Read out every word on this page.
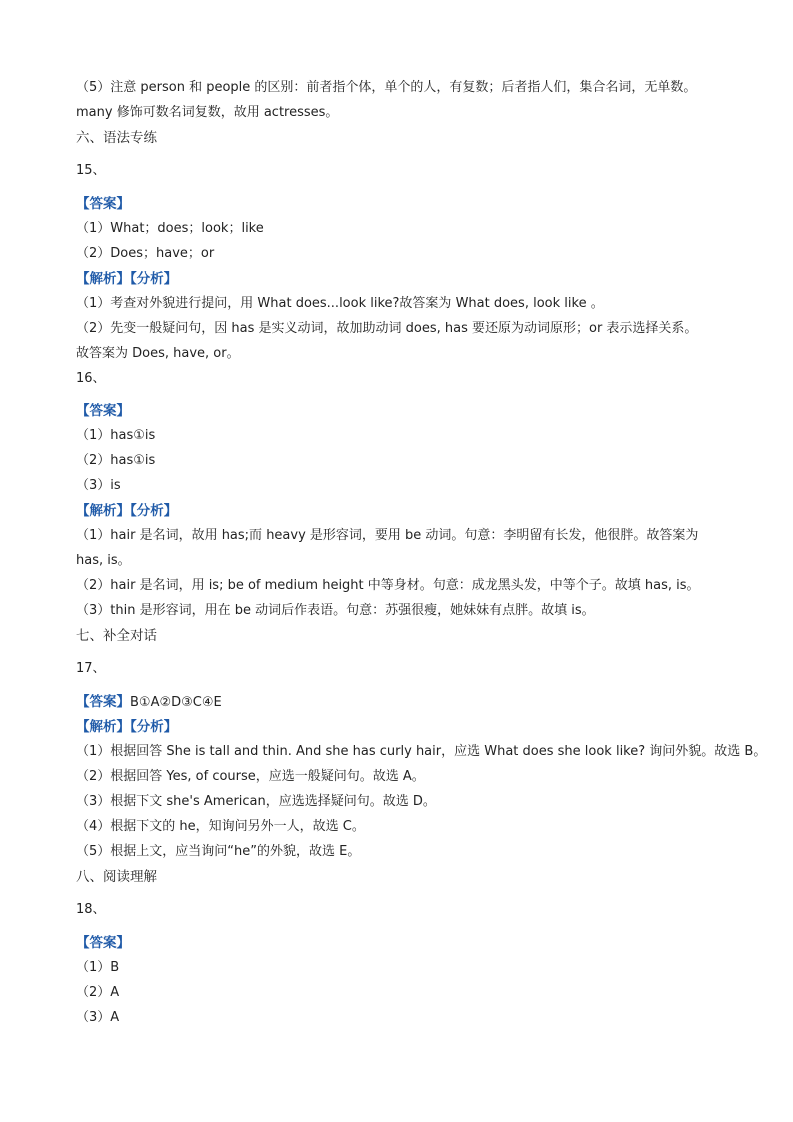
（5）注意 person 和 people 的区别：前者指个体，单个的人，有复数；后者指人们，集合名词，无单数。
many 修饰可数名词复数，故用 actresses。
六、语法专练
15、
【答案】
（1）What；does；look；like
（2）Does；have；or
【解析】【分析】
（1）考查对外貌进行提问，用 What does...look like?故答案为 What does, look like 。
（2）先变一般疑问句，因 has 是实义动词，故加助动词 does, has 要还原为动词原形；or 表示选择关系。
故答案为 Does, have, or。
16、
【答案】
（1）has①is
（2）has①is
（3）is
【解析】【分析】
（1）hair 是名词，故用 has;而 heavy 是形容词，要用 be 动词。句意：李明留有长发，他很胖。故答案为
has, is。
（2）hair 是名词，用 is; be of medium height 中等身材。句意：成龙黑头发，中等个子。故填 has, is。
（3）thin 是形容词，用在 be 动词后作表语。句意：苏强很瘦，她妹妹有点胖。故填 is。
七、补全对话
17、
【答案】B①A②D③C④E
【解析】【分析】
（1）根据回答 She is tall and thin. And she has curly hair，应选 What does she look like? 询问外貌。故选 B。
（2）根据回答 Yes, of course，应选一般疑问句。故选 A。
（3）根据下文 she's American，应选选择疑问句。故选 D。
（4）根据下文的 he，知询问另外一人，故选 C。
（5）根据上文，应当询问“he”的外貌，故选 E。
八、阅读理解
18、
【答案】
（1）B
（2）A
（3）A
